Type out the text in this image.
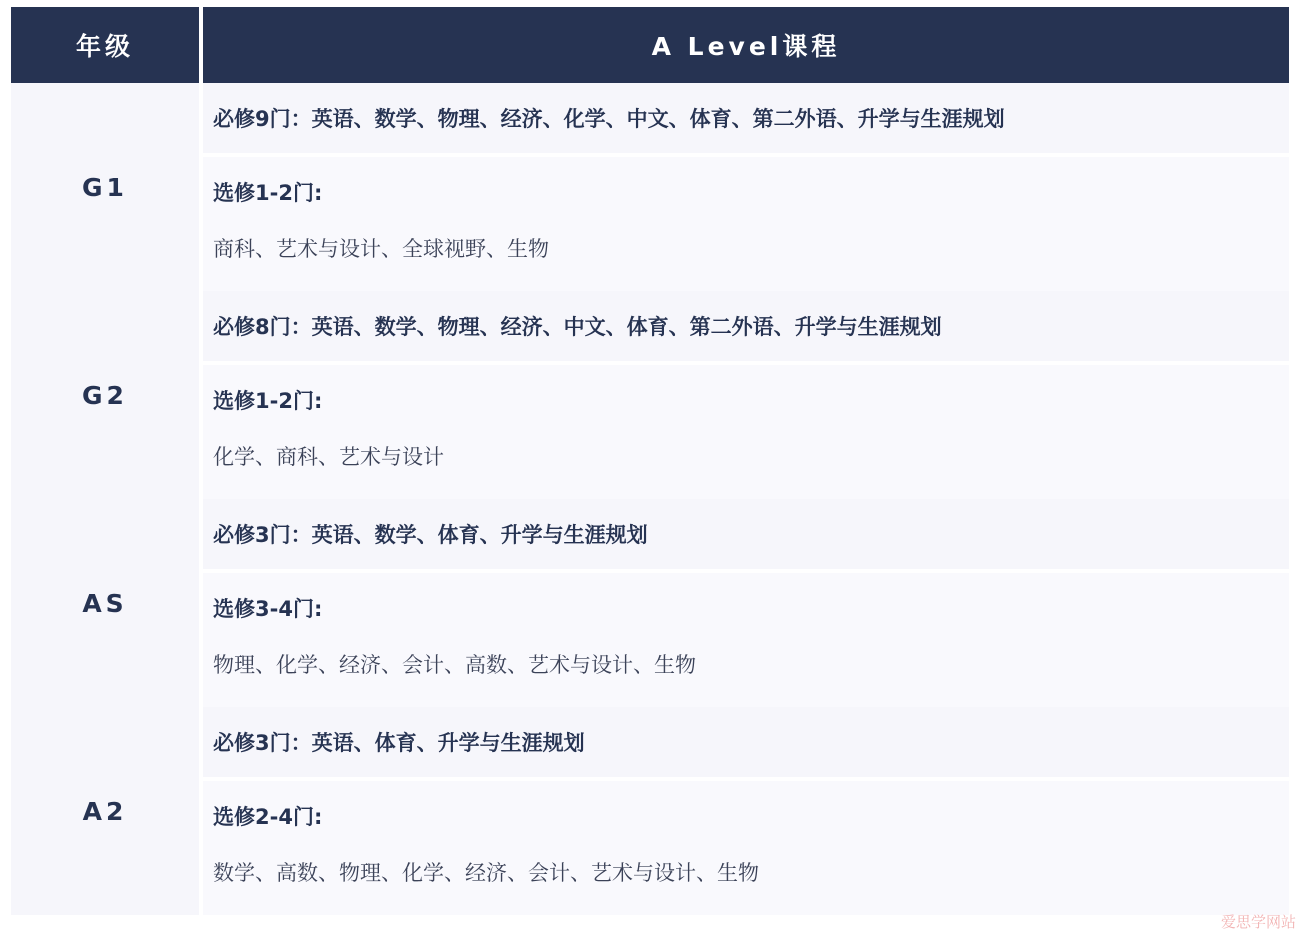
年级	A Level课程
G1
必修9门：英语、数学、物理、经济、化学、中文、体育、第二外语、升学与生涯规划
选修1-2门:
商科、艺术与设计、全球视野、生物
G2
必修8门：英语、数学、物理、经济、中文、体育、第二外语、升学与生涯规划
选修1-2门:
化学、商科、艺术与设计
AS
必修3门：英语、数学、体育、升学与生涯规划
选修3-4门:
物理、化学、经济、会计、高数、艺术与设计、生物
A2
必修3门：英语、体育、升学与生涯规划
选修2-4门:
数学、高数、物理、化学、经济、会计、艺术与设计、生物
爱思学网站
